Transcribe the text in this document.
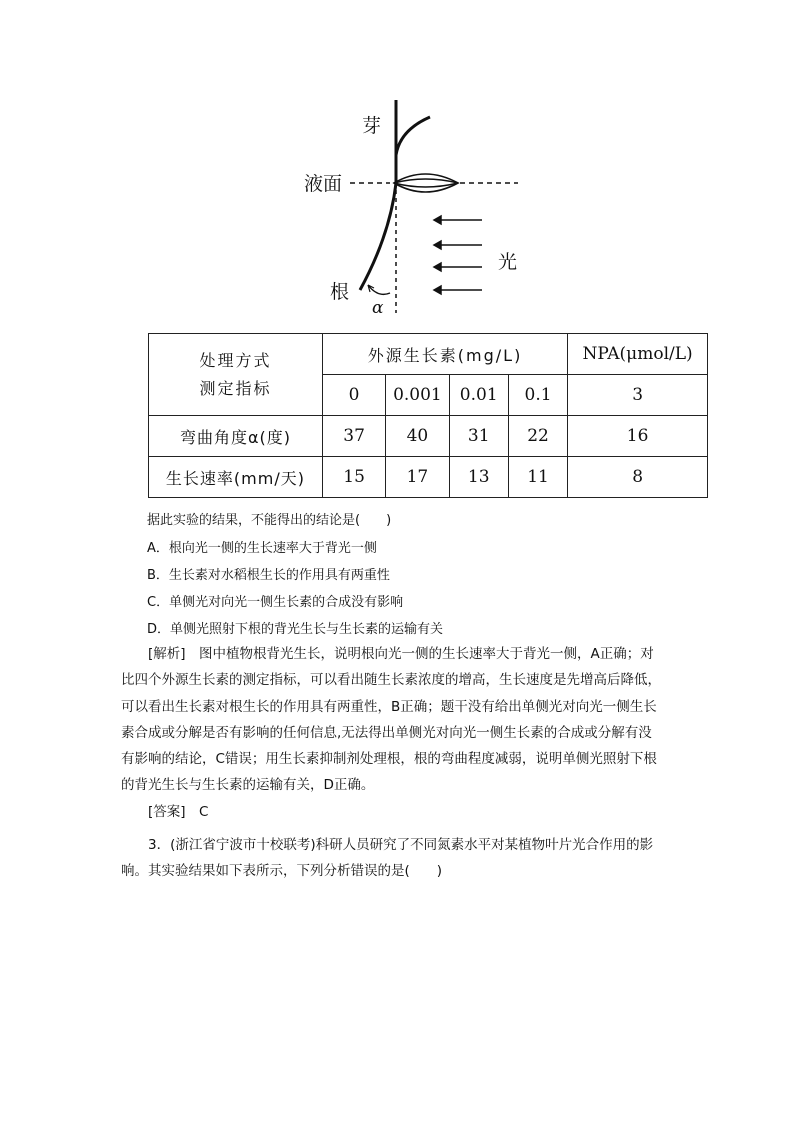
芽
液面
光
根
α
处理方式
测定指标	外源生长素(mg/L)				NPA(μmol/L)
	0	0.001	0.01	0.1	3
弯曲角度α(度)	37	40	31	22	16
生长速率(mm/天)	15	17	13	11	8
据此实验的结果，不能得出的结论是(　　)
A．根向光一侧的生长速率大于背光一侧
B．生长素对水稻根生长的作用具有两重性
C．单侧光对向光一侧生长素的合成没有影响
D．单侧光照射下根的背光生长与生长素的运输有关

　　[解析]　图中植物根背光生长，说明根向光一侧的生长速率大于背光一侧，A正确；对

比四个外源生长素的测定指标，可以看出随生长素浓度的增高，生长速度是先增高后降低，

可以看出生长素对根生长的作用具有两重性，B正确；题干没有给出单侧光对向光一侧生长

素合成或分解是否有影响的任何信息,无法得出单侧光对向光一侧生长素的合成或分解有没

有影响的结论，C错误；用生长素抑制剂处理根，根的弯曲程度减弱，说明单侧光照射下根

的背光生长与生长素的运输有关，D正确。

　　[答案]　C

　　3．(浙江省宁波市十校联考)科研人员研究了不同氮素水平对某植物叶片光合作用的影

响。其实验结果如下表所示，下列分析错误的是(　　)
